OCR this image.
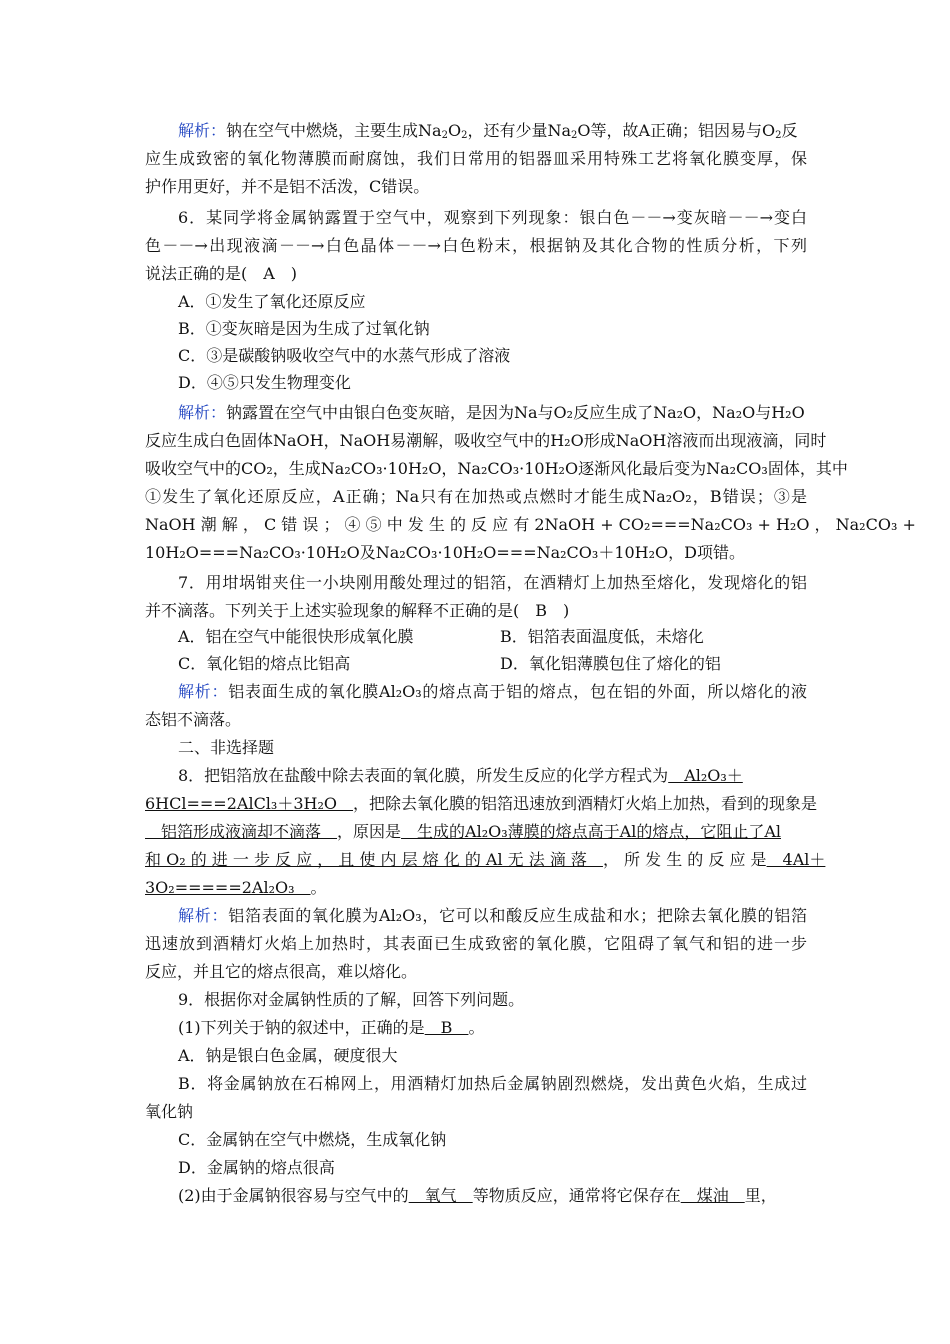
解析：钠在空气中燃烧，主要生成$Na_2O_2$，还有少量$Na_2O$等，故A正确；铝因易与$O_2$反
应生成致密的氧化物薄膜而耐腐蚀，我们日常用的铝器皿采用特殊工艺将氧化膜变厚，保
护作用更好，并不是铝不活泼，C错误。
6．某同学将金属钠露置于空气中，观察到下列现象：银白色－－→变灰暗－－→变白
色－－→出现液滴－－→白色晶体－－→白色粉末，根据钠及其化合物的性质分析，下列
说法正确的是(　A　)
A．①发生了氧化还原反应
B．①变灰暗是因为生成了过氧化钠
C．③是碳酸钠吸收空气中的水蒸气形成了溶液
D．④⑤只发生物理变化
解析：钠露置在空气中由银白色变灰暗，是因为Na与O₂反应生成了Na₂O，Na₂O与H₂O
反应生成白色固体NaOH，NaOH易潮解，吸收空气中的H₂O形成NaOH溶液而出现液滴，同时
吸收空气中的CO₂，生成Na₂CO₃·10H₂O，Na₂CO₃·10H₂O逐渐风化最后变为Na₂CO₃固体，其中
①发生了氧化还原反应，A正确；Na只有在加热或点燃时才能生成Na₂O₂，B错误；③是
NaOH 潮 解 ， C 错 误 ； ④ ⑤ 中 发 生 的 反 应 有 2NaOH + CO₂===Na₂CO₃ + H₂O ， Na₂CO₃ +
10H₂O===Na₂CO₃·10H₂O及Na₂CO₃·10H₂O===Na₂CO₃＋10H₂O，D项错。
7．用坩埚钳夹住一小块刚用酸处理过的铝箔，在酒精灯上加热至熔化，发现熔化的铝
并不滴落。下列关于上述实验现象的解释不正确的是(　B　)
A．铝在空气中能很快形成氧化膜	B．铝箔表面温度低，未熔化
C．氧化铝的熔点比铝高	D．氧化铝薄膜包住了熔化的铝
解析：铝表面生成的氧化膜Al₂O₃的熔点高于铝的熔点，包在铝的外面，所以熔化的液
态铝不滴落。
二、非选择题
8．把铝箔放在盐酸中除去表面的氧化膜，所发生反应的化学方程式为　Al₂O₃＋
6HCl===2AlCl₃＋3H₂O　，把除去氧化膜的铝箔迅速放到酒精灯火焰上加热，看到的现象是
　铝箔形成液滴却不滴落　，原因是　生成的Al₂O₃薄膜的熔点高于Al的熔点，它阻止了Al
和 O₂ 的 进 一 步 反 应 ， 且 使 内 层 熔 化 的 Al 无 法 滴 落　， 所 发 生 的 反 应 是　4Al＋
3O₂=====2Al₂O₃　。
解析：铝箔表面的氧化膜为Al₂O₃，它可以和酸反应生成盐和水；把除去氧化膜的铝箔
迅速放到酒精灯火焰上加热时，其表面已生成致密的氧化膜，它阻碍了氧气和铝的进一步
反应，并且它的熔点很高，难以熔化。
9．根据你对金属钠性质的了解，回答下列问题。
(1)下列关于钠的叙述中，正确的是　B　。
A．钠是银白色金属，硬度很大
B．将金属钠放在石棉网上，用酒精灯加热后金属钠剧烈燃烧，发出黄色火焰，生成过
氧化钠
C．金属钠在空气中燃烧，生成氧化钠
D．金属钠的熔点很高
(2)由于金属钠很容易与空气中的　氧气　等物质反应，通常将它保存在　煤油　里，
